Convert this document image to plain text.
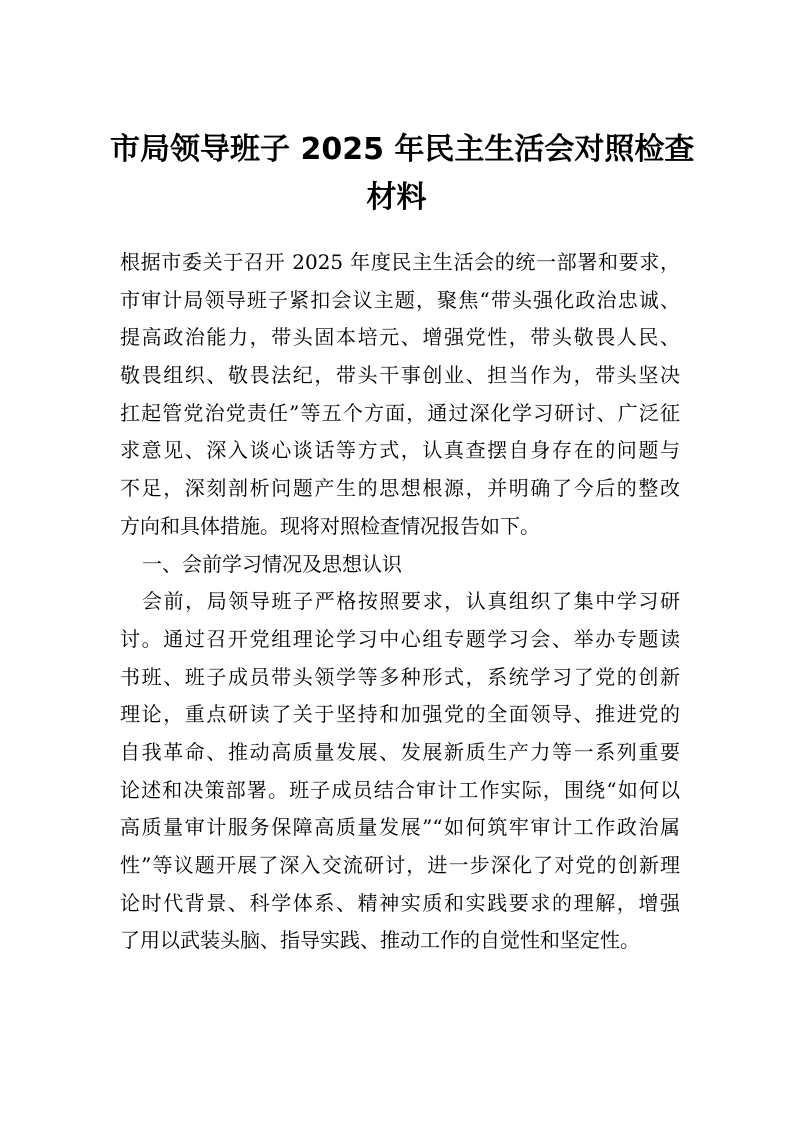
市局领导班子 2025 年民主生活会对照检查
材料
根据市委关于召开 2025 年度民主生活会的统一部署和要求，
市审计局领导班子紧扣会议主题，聚焦“带头强化政治忠诚、
提高政治能力，带头固本培元、增强党性，带头敬畏人民、
敬畏组织、敬畏法纪，带头干事创业、担当作为，带头坚决
扛起管党治党责任”等五个方面，通过深化学习研讨、广泛征
求意见、深入谈心谈话等方式，认真查摆自身存在的问题与
不足，深刻剖析问题产生的思想根源，并明确了今后的整改
方向和具体措施。现将对照检查情况报告如下。
一、会前学习情况及思想认识
会前，局领导班子严格按照要求，认真组织了集中学习研
讨。通过召开党组理论学习中心组专题学习会、举办专题读
书班、班子成员带头领学等多种形式，系统学习了党的创新
理论，重点研读了关于坚持和加强党的全面领导、推进党的
自我革命、推动高质量发展、发展新质生产力等一系列重要
论述和决策部署。班子成员结合审计工作实际，围绕“如何以
高质量审计服务保障高质量发展”“如何筑牢审计工作政治属
性”等议题开展了深入交流研讨，进一步深化了对党的创新理
论时代背景、科学体系、精神实质和实践要求的理解，增强
了用以武装头脑、指导实践、推动工作的自觉性和坚定性。
